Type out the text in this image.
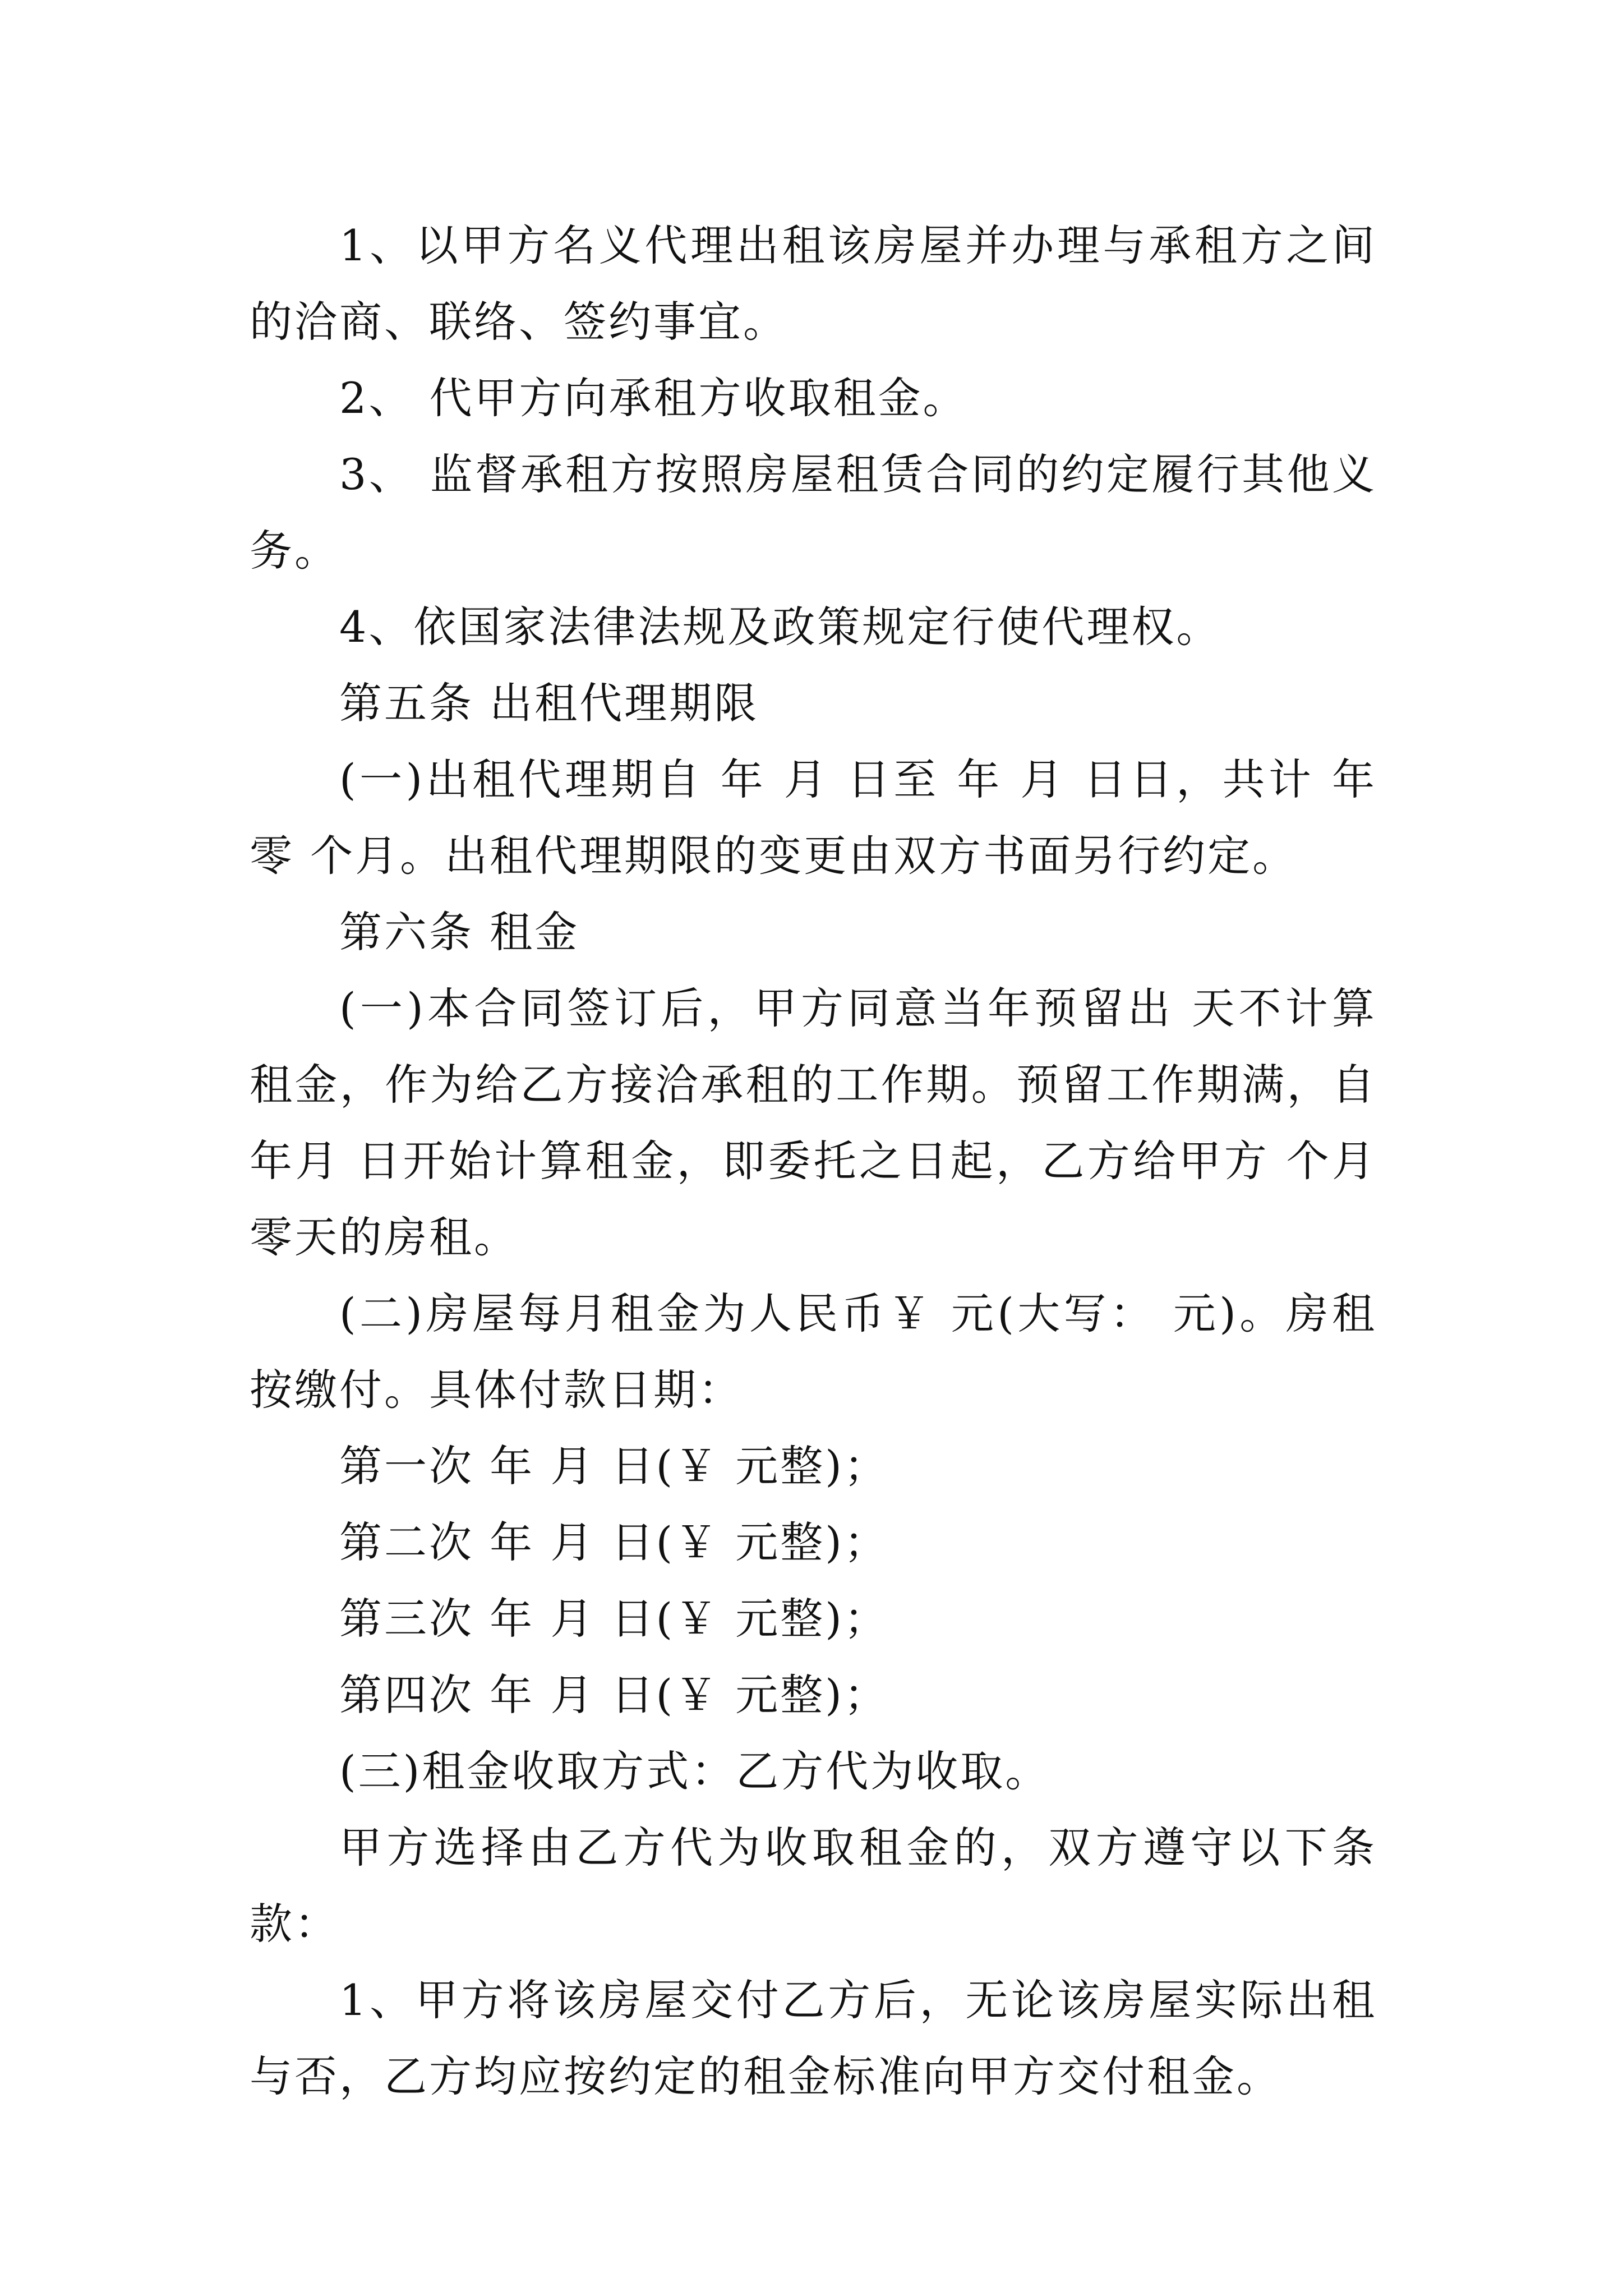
1、以甲方名义代理出租该房屋并办理与承租方之间的洽商、联络、签约事宜。

2、 代甲方向承租方收取租金。

3、 监督承租方按照房屋租赁合同的约定履行其他义务。

4、依国家法律法规及政策规定行使代理权。

第五条 出租代理期限

(一)出租代理期自 年 月 日至 年 月 日日，共计 年零 个月。出租代理期限的变更由双方书面另行约定。

第六条 租金

(一)本合同签订后，甲方同意当年预留出 天不计算租金，作为给乙方接洽承租的工作期。预留工作期满，自 年月 日开始计算租金，即委托之日起，乙方给甲方 个月零天的房租。

(二)房屋每月租金为人民币￥ 元(大写： 元)。房租按缴付。具体付款日期：

第一次 年 月 日(￥ 元整)；

第二次 年 月 日(￥ 元整)；

第三次 年 月 日(￥ 元整)；

第四次 年 月 日(￥ 元整)；

(三)租金收取方式：乙方代为收取。

甲方选择由乙方代为收取租金的，双方遵守以下条款：

1、甲方将该房屋交付乙方后，无论该房屋实际出租与否，乙方均应按约定的租金标准向甲方交付租金。
